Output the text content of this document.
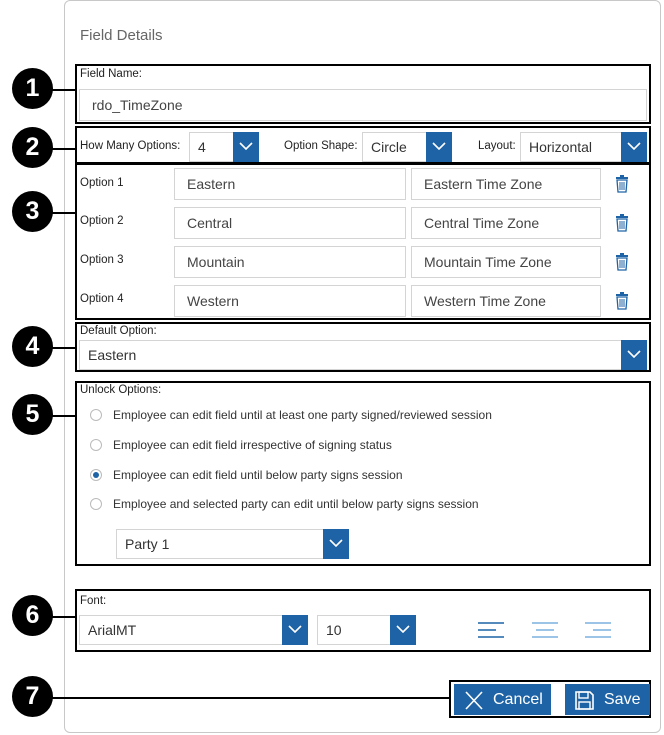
Field Details
Field Name:
rdo_TimeZone
How Many Options: 4	Option Shape: Circle	Layout: Horizontal
Option 1	Eastern	Eastern Time Zone
Option 2	Central	Central Time Zone
Option 3	Mountain	Mountain Time Zone
Option 4	Western	Western Time Zone
Default Option:
Eastern
Unlock Options:
Employee can edit field until at least one party signed/reviewed session
Employee can edit field irrespective of signing status
Employee can edit field until below party signs session
Employee and selected party can edit until below party signs session
Party 1
Font:
ArialMT	10
Cancel	Save
1
2
3
4
5
6
7
